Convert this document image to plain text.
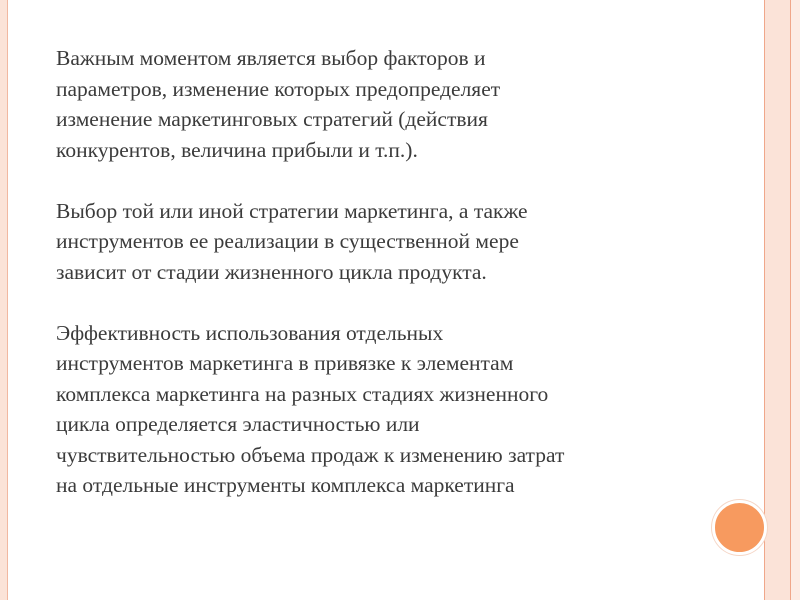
Важным моментом является выбор факторов и
параметров, изменение которых предопределяет
изменение маркетинговых стратегий (действия
конкурентов, величина прибыли и т.п.).

Выбор той или иной стратегии маркетинга, а также
инструментов ее реализации в существенной мере
зависит от стадии жизненного цикла продукта.

Эффективность использования отдельных
инструментов маркетинга в привязке к элементам
комплекса маркетинга на разных стадиях жизненного
цикла определяется эластичностью или
чувствительностью объема продаж к изменению затрат
на отдельные инструменты комплекса маркетинга
